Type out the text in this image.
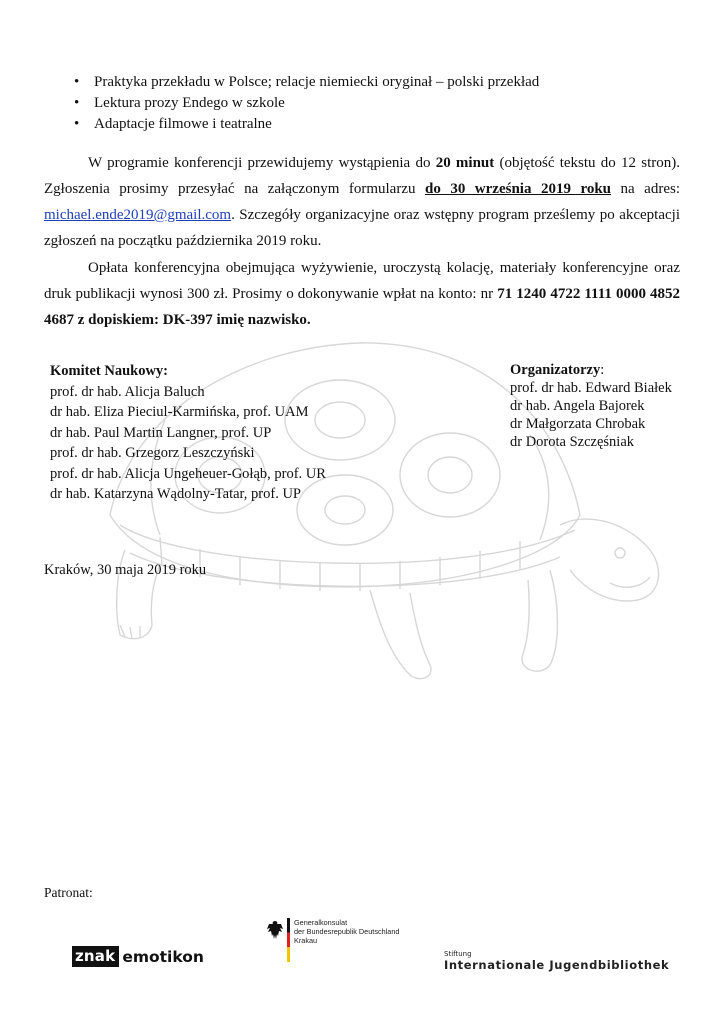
• Praktyka przekładu w Polsce; relacje niemiecki oryginał – polski przekład
• Lektura prozy Endego w szkole
• Adaptacje filmowe i teatralne

W programie konferencji przewidujemy wystąpienia do 20 minut (objętość tekstu do 12 stron). Zgłoszenia prosimy przesyłać na załączonym formularzu do 30 września 2019 roku na adres: michael.ende2019@gmail.com. Szczegóły organizacyjne oraz wstępny program prześlemy po akceptacji zgłoszeń na początku października 2019 roku.

Opłata konferencyjna obejmująca wyżywienie, uroczystą kolację, materiały konferencyjne oraz druk publikacji wynosi 300 zł. Prosimy o dokonywanie wpłat na konto: nr 71 1240 4722 1111 0000 4852 4687 z dopiskiem: DK-397 imię nazwisko.

Komitet Naukowy:
prof. dr hab. Alicja Baluch
dr hab. Eliza Pieciul-Karmińska, prof. UAM
dr hab. Paul Martin Langner, prof. UP
prof. dr hab. Grzegorz Leszczyński
prof. dr hab. Alicja Ungeheuer-Gołąb, prof. UR
dr hab. Katarzyna Wądolny-Tatar, prof. UP
Organizatorzy:
prof. dr hab. Edward Białek
dr hab. Angela Bajorek
dr Małgorzata Chrobak
dr Dorota Szczęśniak
Kraków, 30 maja 2019 roku
Patronat:
znak emotikon
Generalkonsulat
der Bundesrepublik Deutschland
Krakau
Stiftung
Internationale Jugendbibliothek
